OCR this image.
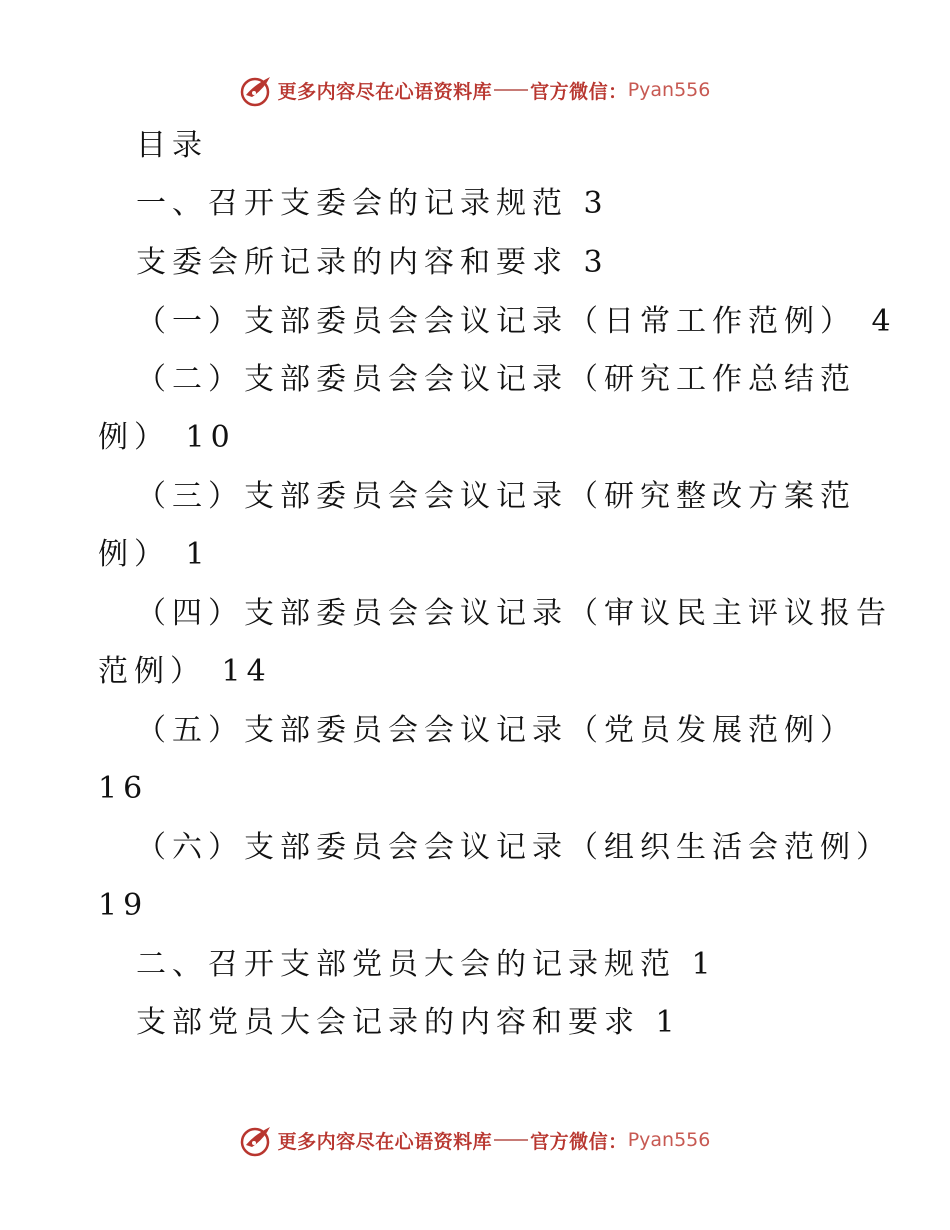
更多内容尽在心语资料库 官方微信： Pyan556
目录
一、召开支委会的记录规范 3
支委会所记录的内容和要求 3
（一）支部委员会会议记录（日常工作范例） 4
（二）支部委员会会议记录（研究工作总结范
例） 10
（三）支部委员会会议记录（研究整改方案范
例） 1
（四）支部委员会会议记录（审议民主评议报告
范例） 14
（五）支部委员会会议记录（党员发展范例）
16
（六）支部委员会会议记录（组织生活会范例）
19
二、召开支部党员大会的记录规范 1
支部党员大会记录的内容和要求 1
更多内容尽在心语资料库 官方微信： Pyan556
